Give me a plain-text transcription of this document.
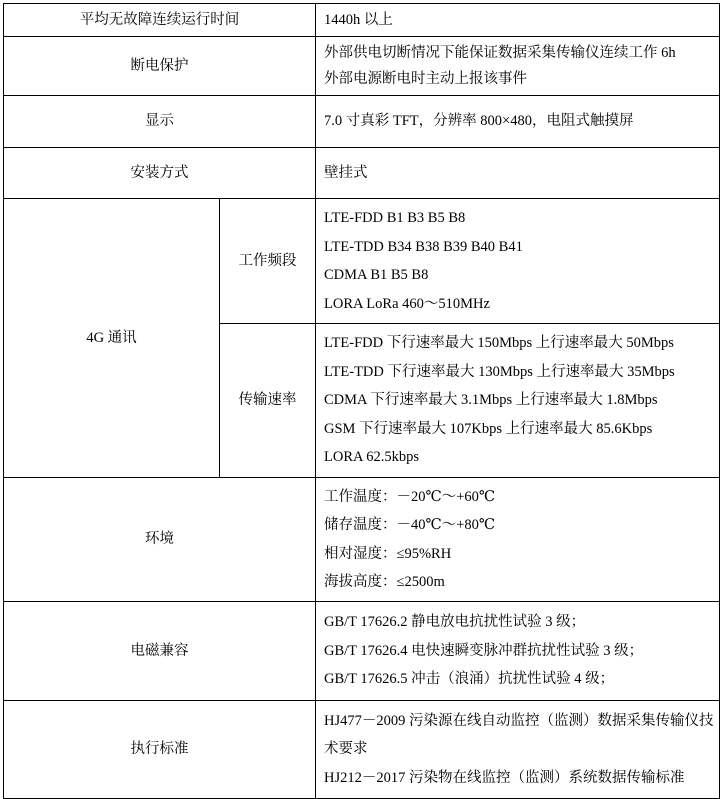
平均无故障连续运行时间		1440h 以上

断电保护		外部供电切断情况下能保证数据采集传输仪连续工作 6h
外部电源断电时主动上报该事件

显示		7.0 寸真彩 TFT，分辨率 800×480，电阻式触摸屏

安装方式		壁挂式

4G 通讯	工作频段	LTE-FDD B1 B3 B5 B8
LTE-TDD B34 B38 B39 B40 B41
CDMA B1 B5 B8
LORA LoRa 460～510MHz

	传输速率	LTE-FDD 下行速率最大 150Mbps 上行速率最大 50Mbps
LTE-TDD 下行速率最大 130Mbps 上行速率最大 35Mbps
CDMA 下行速率最大 3.1Mbps 上行速率最大 1.8Mbps
GSM 下行速率最大 107Kbps 上行速率最大 85.6Kbps
LORA 62.5kbps

环境		工作温度：－20℃～+60℃
储存温度：－40℃～+80℃
相对湿度：≤95%RH
海拔高度：≤2500m

电磁兼容		GB/T 17626.2 静电放电抗扰性试验 3 级；
GB/T 17626.4 电快速瞬变脉冲群抗扰性试验 3 级；
GB/T 17626.5 冲击（浪涌）抗扰性试验 4 级；

执行标准		HJ477－2009 污染源在线自动监控（监测）数据采集传输仪技
术要求
HJ212－2017 污染物在线监控（监测）系统数据传输标准
